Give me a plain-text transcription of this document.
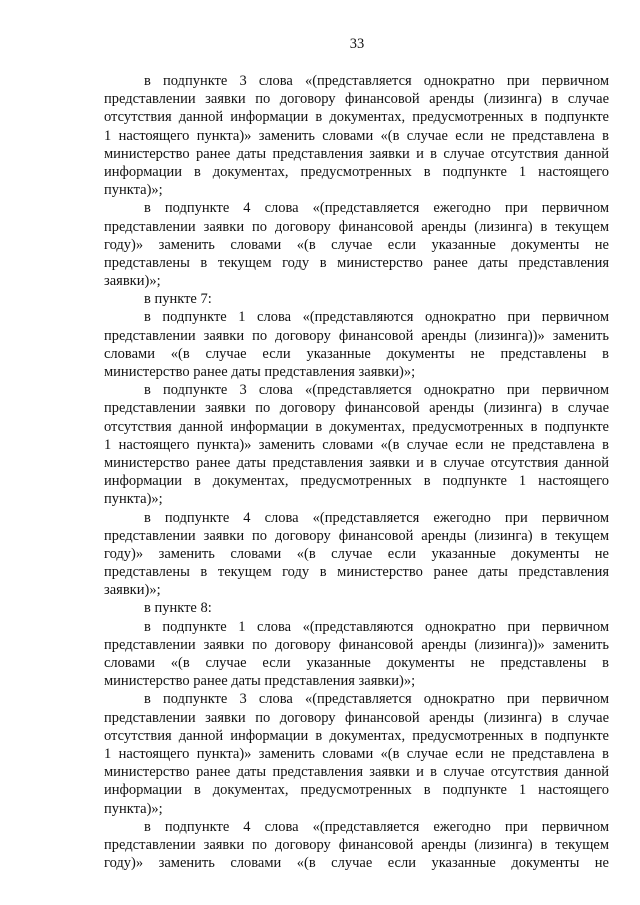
33
в подпункте 3 слова «(представляется однократно при первичном
представлении заявки по договору финансовой аренды (лизинга) в случае
отсутствия данной информации в документах, предусмотренных в подпункте
1 настоящего пункта)» заменить словами «(в случае если не представлена в
министерство ранее даты представления заявки и в случае отсутствия данной
информации в документах, предусмотренных в подпункте 1 настоящего
пункта)»;
в подпункте 4 слова «(представляется ежегодно при первичном
представлении заявки по договору финансовой аренды (лизинга) в текущем
году)» заменить словами «(в случае если указанные документы не
представлены в текущем году в министерство ранее даты представления
заявки)»;
в пункте 7:
в подпункте 1 слова «(представляются однократно при первичном
представлении заявки по договору финансовой аренды (лизинга))» заменить
словами «(в случае если указанные документы не представлены в
министерство ранее даты представления заявки)»;
в подпункте 3 слова «(представляется однократно при первичном
представлении заявки по договору финансовой аренды (лизинга) в случае
отсутствия данной информации в документах, предусмотренных в подпункте
1 настоящего пункта)» заменить словами «(в случае если не представлена в
министерство ранее даты представления заявки и в случае отсутствия данной
информации в документах, предусмотренных в подпункте 1 настоящего
пункта)»;
в подпункте 4 слова «(представляется ежегодно при первичном
представлении заявки по договору финансовой аренды (лизинга) в текущем
году)» заменить словами «(в случае если указанные документы не
представлены в текущем году в министерство ранее даты представления
заявки)»;
в пункте 8:
в подпункте 1 слова «(представляются однократно при первичном
представлении заявки по договору финансовой аренды (лизинга))» заменить
словами «(в случае если указанные документы не представлены в
министерство ранее даты представления заявки)»;
в подпункте 3 слова «(представляется однократно при первичном
представлении заявки по договору финансовой аренды (лизинга) в случае
отсутствия данной информации в документах, предусмотренных в подпункте
1 настоящего пункта)» заменить словами «(в случае если не представлена в
министерство ранее даты представления заявки и в случае отсутствия данной
информации в документах, предусмотренных в подпункте 1 настоящего
пункта)»;
в подпункте 4 слова «(представляется ежегодно при первичном
представлении заявки по договору финансовой аренды (лизинга) в текущем
году)» заменить словами «(в случае если указанные документы не
